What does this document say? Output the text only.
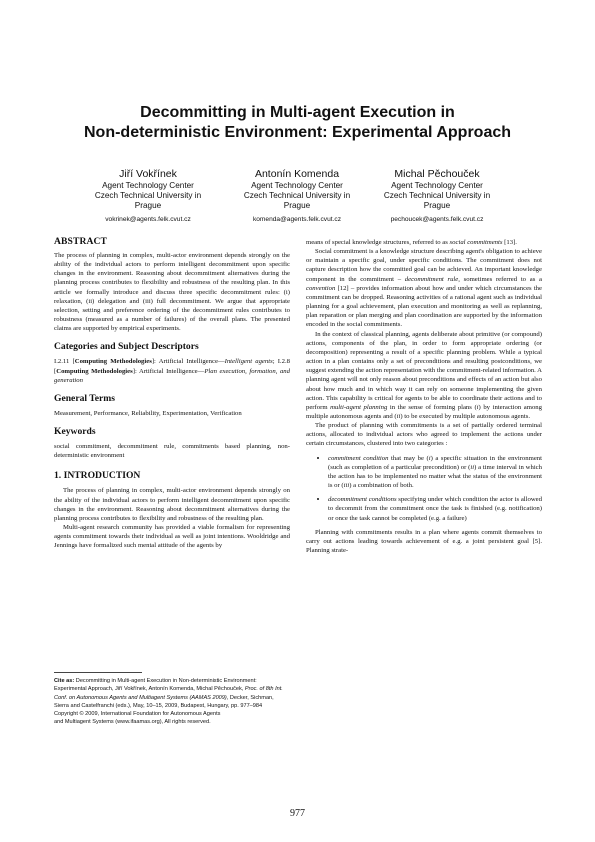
Decommitting in Multi-agent Execution in
Non-deterministic Environment: Experimental Approach
Jiří Vokřínek
Agent Technology Center
Czech Technical University in
Prague
vokrinek@agents.felk.cvut.cz
Antonín Komenda
Agent Technology Center
Czech Technical University in
Prague
komenda@agents.felk.cvut.cz
Michal Pěchouček
Agent Technology Center
Czech Technical University in
Prague
pechoucek@agents.felk.cvut.cz
ABSTRACT

The process of planning in complex, multi-actor environment depends strongly on the ability of the individual actors to perform intelligent decommitment upon specific changes in the environment. Reasoning about decommitment alternatives during the planning process contributes to flexibility and robustness of the resulting plan. In this article we formally introduce and discuss three specific decommitment rules: (i) relaxation, (ii) delegation and (iii) full decommitment. We argue that appropriate selection, setting and preference ordering of the decommitment rules contributes to robustness (measured as a number of failures) of the overall plans. The presented claims are supported by empirical experiments.

Categories and Subject Descriptors

I.2.11 [Computing Methodologies]: Artificial Intelligence—Intelligent agents; I.2.8 [Computing Methodologies]: Artificial Intelligence—Plan execution, formation, and generation

General Terms

Measurement, Performance, Reliability, Experimentation, Verification

Keywords

social commitment, decommitment rule, commitments based planning, non-deterministic environment

1. INTRODUCTION

The process of planning in complex, multi-actor environment depends strongly on the ability of the individual actors to perform intelligent decommitment upon specific changes in the environment. Reasoning about decommitment alternatives during the planning process contributes to flexibility and robustness of the resulting plan.

Multi-agent research community has provided a viable formalism for representing agents commitment towards their individual as well as joint intentions. Wooldridge and Jennings have formalized such mental attitude of the agents by

Cite as: Decommitting in Multi-agent Execution in Non-deterministic Environment: Experimental Approach, Jiří Vokřínek, Antonín Komenda, Michal Pěchouček, Proc. of 8th Int. Conf. on Autonomous Agents and Multiagent Systems (AAMAS 2009), Decker, Sichman, Sierra and Castelfranchi (eds.), May, 10–15, 2009, Budapest, Hungary, pp. 977–984
Copyright © 2009, International Foundation for Autonomous Agents
and Multiagent Systems (www.ifaamas.org), All rights reserved.

means of special knowledge structures, referred to as social commitments [13].

Social commitment is a knowledge structure describing agent's obligation to achieve or maintain a specific goal, under specific conditions. The commitment does not capture description how the committed goal can be achieved. An important knowledge component in the commitment – decommitment rule, sometimes referred to as a convention [12] – provides information about how and under which circumstances the commitment can be dropped. Reasoning activities of a rational agent such as individual planning for a goal achievement, plan execution and monitoring as well as replanning, plan reparation or plan merging and plan coordination are supported by the information encoded in the social commitments.

In the context of classical planning, agents deliberate about primitive (or compound) actions, components of the plan, in order to form appropriate ordering (or decomposition) representing a result of a specific planning problem. While a typical action in a plan contains only a set of preconditions and resulting postconditions, we suggest extending the action representation with the commitment-related information. A planning agent will not only reason about preconditions and effects of an action but also about how much and in which way it can rely on someone implementing the given action. This capability is critical for agents to be able to coordinate their actions and to perform multi-agent planning in the sense of forming plans (i) by interaction among multiple autonomous agents and (ii) to be executed by multiple autonomous agents.

The product of planning with commitments is a set of partially ordered terminal actions, allocated to individual actors who agreed to implement the actions under certain circumstances, clustered into two categories :

• commitment condition that may be (i) a specific situation in the environment (such as completion of a particular precondition) or (ii) a time interval in which the action has to be implemented no matter what the status of the environment is or (iii) a combination of both.
• decommitment conditions specifying under which condition the actor is allowed to decommit from the commitment once the task is finished (e.g. notification) or once the task cannot be completed (e.g. a failure)

Planning with commitments results in a plan where agents commit themselves to carry out actions leading towards achievement of e.g. a joint persistent goal [5]. Planning strate-

977
